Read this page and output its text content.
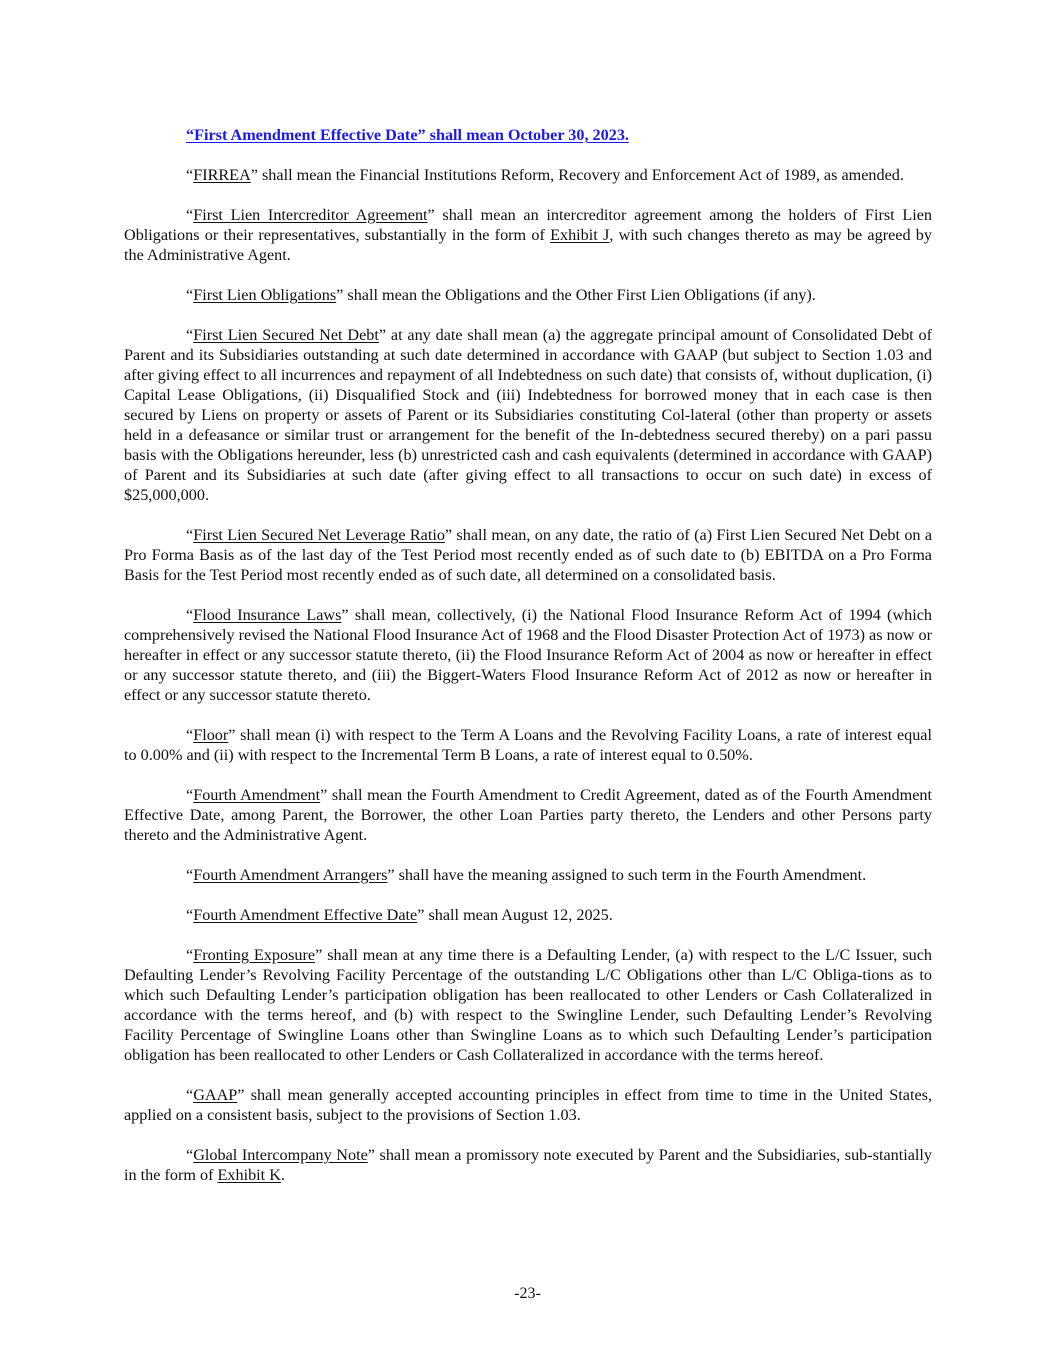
“First Amendment Effective Date” shall mean October 30, 2023.

“FIRREA” shall mean the Financial Institutions Reform, Recovery and Enforcement Act of 1989, as amended.

“First Lien Intercreditor Agreement” shall mean an intercreditor agreement among the holders of First Lien Obligations or their representatives, substantially in the form of Exhibit J, with such changes thereto as may be agreed by the Administrative Agent.

“First Lien Obligations” shall mean the Obligations and the Other First Lien Obligations (if any).

“First Lien Secured Net Debt” at any date shall mean (a) the aggregate principal amount of Consolidated Debt of Parent and its Subsidiaries outstanding at such date determined in accordance with GAAP (but subject to Section 1.03 and after giving effect to all incurrences and repayment of all Indebtedness on such date) that consists of, without duplication, (i) Capital Lease Obligations, (ii) Disqualified Stock and (iii) Indebtedness for borrowed money that in each case is then secured by Liens on property or assets of Parent or its Subsidiaries constituting Col-lateral (other than property or assets held in a defeasance or similar trust or arrangement for the benefit of the In-debtedness secured thereby) on a pari passu basis with the Obligations hereunder, less (b) unrestricted cash and cash equivalents (determined in accordance with GAAP) of Parent and its Subsidiaries at such date (after giving effect to all transactions to occur on such date) in excess of $25,000,000.

“First Lien Secured Net Leverage Ratio” shall mean, on any date, the ratio of (a) First Lien Secured Net Debt on a Pro Forma Basis as of the last day of the Test Period most recently ended as of such date to (b) EBITDA on a Pro Forma Basis for the Test Period most recently ended as of such date, all determined on a consolidated basis.

“Flood Insurance Laws” shall mean, collectively, (i) the National Flood Insurance Reform Act of 1994 (which comprehensively revised the National Flood Insurance Act of 1968 and the Flood Disaster Protection Act of 1973) as now or hereafter in effect or any successor statute thereto, (ii) the Flood Insurance Reform Act of 2004 as now or hereafter in effect or any successor statute thereto, and (iii) the Biggert-Waters Flood Insurance Reform Act of 2012 as now or hereafter in effect or any successor statute thereto.

“Floor” shall mean (i) with respect to the Term A Loans and the Revolving Facility Loans, a rate of interest equal to 0.00% and (ii) with respect to the Incremental Term B Loans, a rate of interest equal to 0.50%.

“Fourth Amendment” shall mean the Fourth Amendment to Credit Agreement, dated as of the Fourth Amendment Effective Date, among Parent, the Borrower, the other Loan Parties party thereto, the Lenders and other Persons party thereto and the Administrative Agent.

“Fourth Amendment Arrangers” shall have the meaning assigned to such term in the Fourth Amendment.

“Fourth Amendment Effective Date” shall mean August 12, 2025.

“Fronting Exposure” shall mean at any time there is a Defaulting Lender, (a) with respect to the L/C Issuer, such Defaulting Lender’s Revolving Facility Percentage of the outstanding L/C Obligations other than L/C Obliga-tions as to which such Defaulting Lender’s participation obligation has been reallocated to other Lenders or Cash Collateralized in accordance with the terms hereof, and (b) with respect to the Swingline Lender, such Defaulting Lender’s Revolving Facility Percentage of Swingline Loans other than Swingline Loans as to which such Defaulting Lender’s participation obligation has been reallocated to other Lenders or Cash Collateralized in accordance with the terms hereof.

“GAAP” shall mean generally accepted accounting principles in effect from time to time in the United States, applied on a consistent basis, subject to the provisions of Section 1.03.

“Global Intercompany Note” shall mean a promissory note executed by Parent and the Subsidiaries, sub-stantially in the form of Exhibit K.

-23-
